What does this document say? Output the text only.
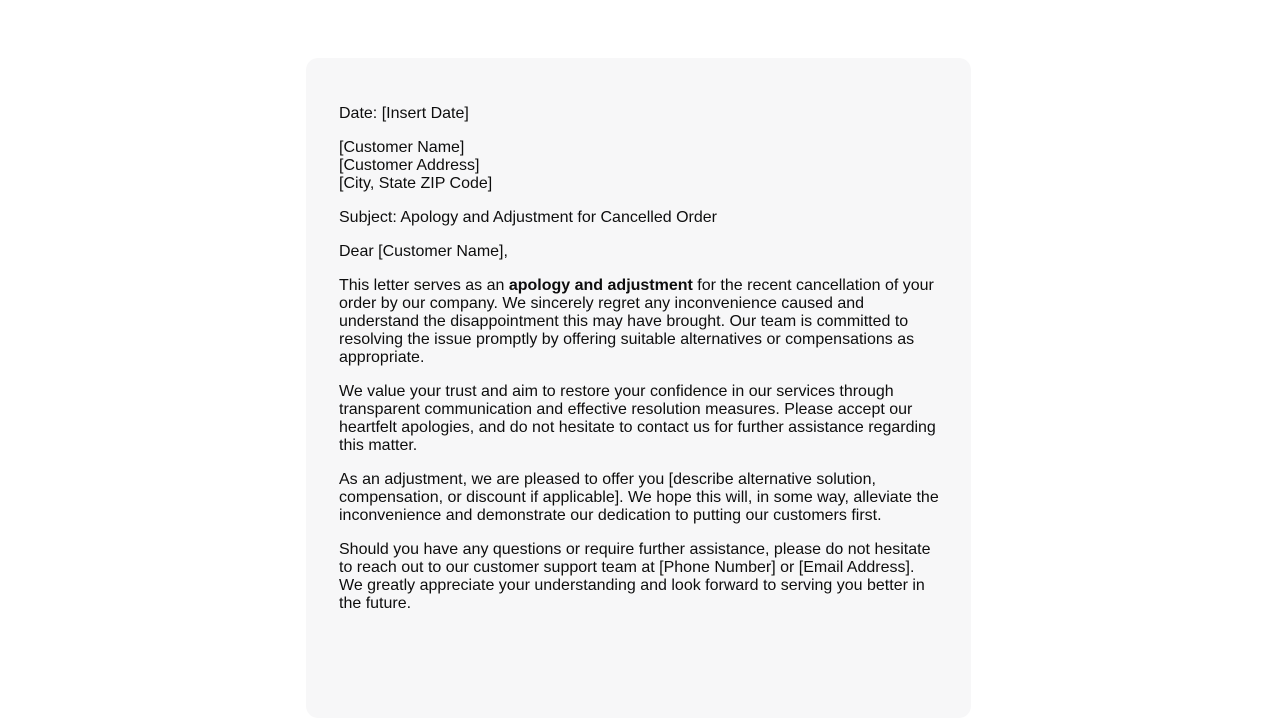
Date: [Insert Date]

[Customer Name]
[Customer Address]
[City, State ZIP Code]

Subject: Apology and Adjustment for Cancelled Order

Dear [Customer Name],

This letter serves as an apology and adjustment for the recent cancellation of your order by our company. We sincerely regret any inconvenience caused and understand the disappointment this may have brought. Our team is committed to resolving the issue promptly by offering suitable alternatives or compensations as appropriate.

We value your trust and aim to restore your confidence in our services through transparent communication and effective resolution measures. Please accept our heartfelt apologies, and do not hesitate to contact us for further assistance regarding this matter.

As an adjustment, we are pleased to offer you [describe alternative solution, compensation, or discount if applicable]. We hope this will, in some way, alleviate the inconvenience and demonstrate our dedication to putting our customers first.

Should you have any questions or require further assistance, please do not hesitate to reach out to our customer support team at [Phone Number] or [Email Address]. We greatly appreciate your understanding and look forward to serving you better in the future.
